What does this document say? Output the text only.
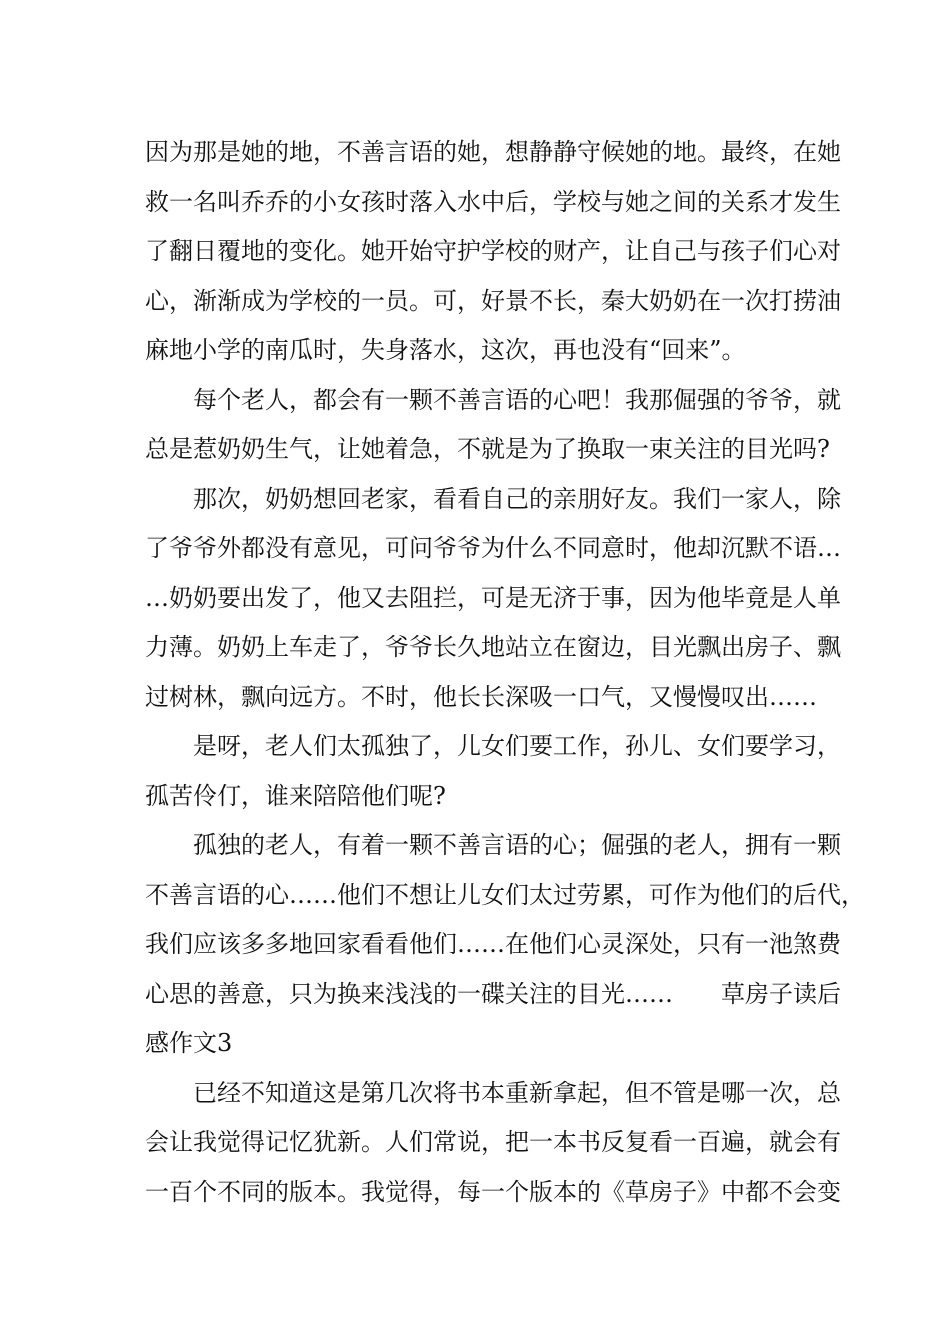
因为那是她的地，不善言语的她，想静静守候她的地。最终，在她
救一名叫乔乔的小女孩时落入水中后，学校与她之间的关系才发生
了翻日覆地的变化。她开始守护学校的财产，让自己与孩子们心对
心，渐渐成为学校的一员。可，好景不长，秦大奶奶在一次打捞油
麻地小学的南瓜时，失身落水，这次，再也没有“回来”。
每个老人，都会有一颗不善言语的心吧！我那倔强的爷爷，就
总是惹奶奶生气，让她着急，不就是为了换取一束关注的目光吗?
那次，奶奶想回老家，看看自己的亲朋好友。我们一家人，除
了爷爷外都没有意见，可问爷爷为什么不同意时，他却沉默不语…
…奶奶要出发了，他又去阻拦，可是无济于事，因为他毕竟是人单
力薄。奶奶上车走了，爷爷长久地站立在窗边，目光飘出房子、飘
过树林，飘向远方。不时，他长长深吸一口气，又慢慢叹出……
是呀，老人们太孤独了，儿女们要工作，孙儿、女们要学习，
孤苦伶仃，谁来陪陪他们呢?
孤独的老人，有着一颗不善言语的心；倔强的老人，拥有一颗
不善言语的心……他们不想让儿女们太过劳累，可作为他们的后代，
我们应该多多地回家看看他们……在他们心灵深处，只有一池煞费
心思的善意，只为换来浅浅的一碟关注的目光…… 草房子读后
感作文3
已经不知道这是第几次将书本重新拿起，但不管是哪一次，总
会让我觉得记忆犹新。人们常说，把一本书反复看一百遍，就会有
一百个不同的版本。我觉得，每一个版本的《草房子》中都不会变
